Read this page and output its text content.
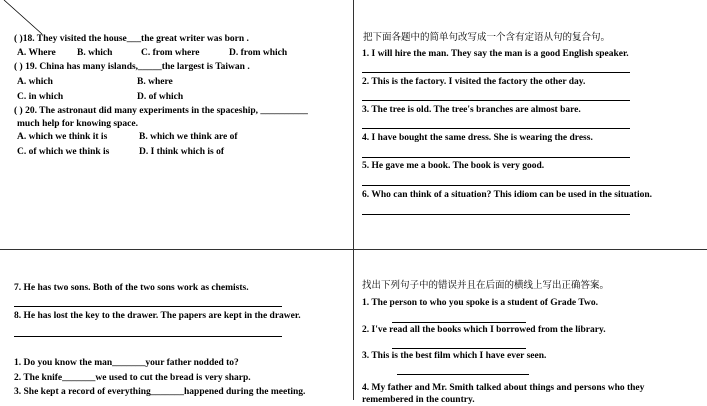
( )18. They visited the house___the great writer was born .
A. Where B. which	C. from where	D. from which
( ) 19. China has many islands,_____the largest is Taiwan .
A. which	B. where
C. in which	D. of which
( ) 20. The astronaut did many experiments in the spaceship, __________
much help for knowing space.
A. which we think it is	B. which we think are of
C. of which we think is	D. I think which is of
把下面各题中的简单句改写成一个含有定语从句的复合句。
1. I will hire the man. They say the man is a good English speaker.
2. This is the factory. I visited the factory the other day.
3. The tree is old. The tree's branches are almost bare.
4. I have bought the same dress. She is wearing the dress.
5. He gave me a book. The book is very good.
6. Who can think of a situation? This idiom can be used in the situation.
7. He has two sons. Both of the two sons work as chemists.
8. He has lost the key to the drawer. The papers are kept in the drawer.
1. Do you know the man_______your father nodded to?
2. The knife_______we used to cut the bread is very sharp.
3. She kept a record of everything_______happened during the meeting.
找出下列句子中的错误并且在后面的横线上写出正确答案。
1. The person to who you spoke is a student of Grade Two.
2. I've read all the books which I borrowed from the library.
3. This is the best film which I have ever seen.
4. My father and Mr. Smith talked about things and persons who they
remembered in the country.
